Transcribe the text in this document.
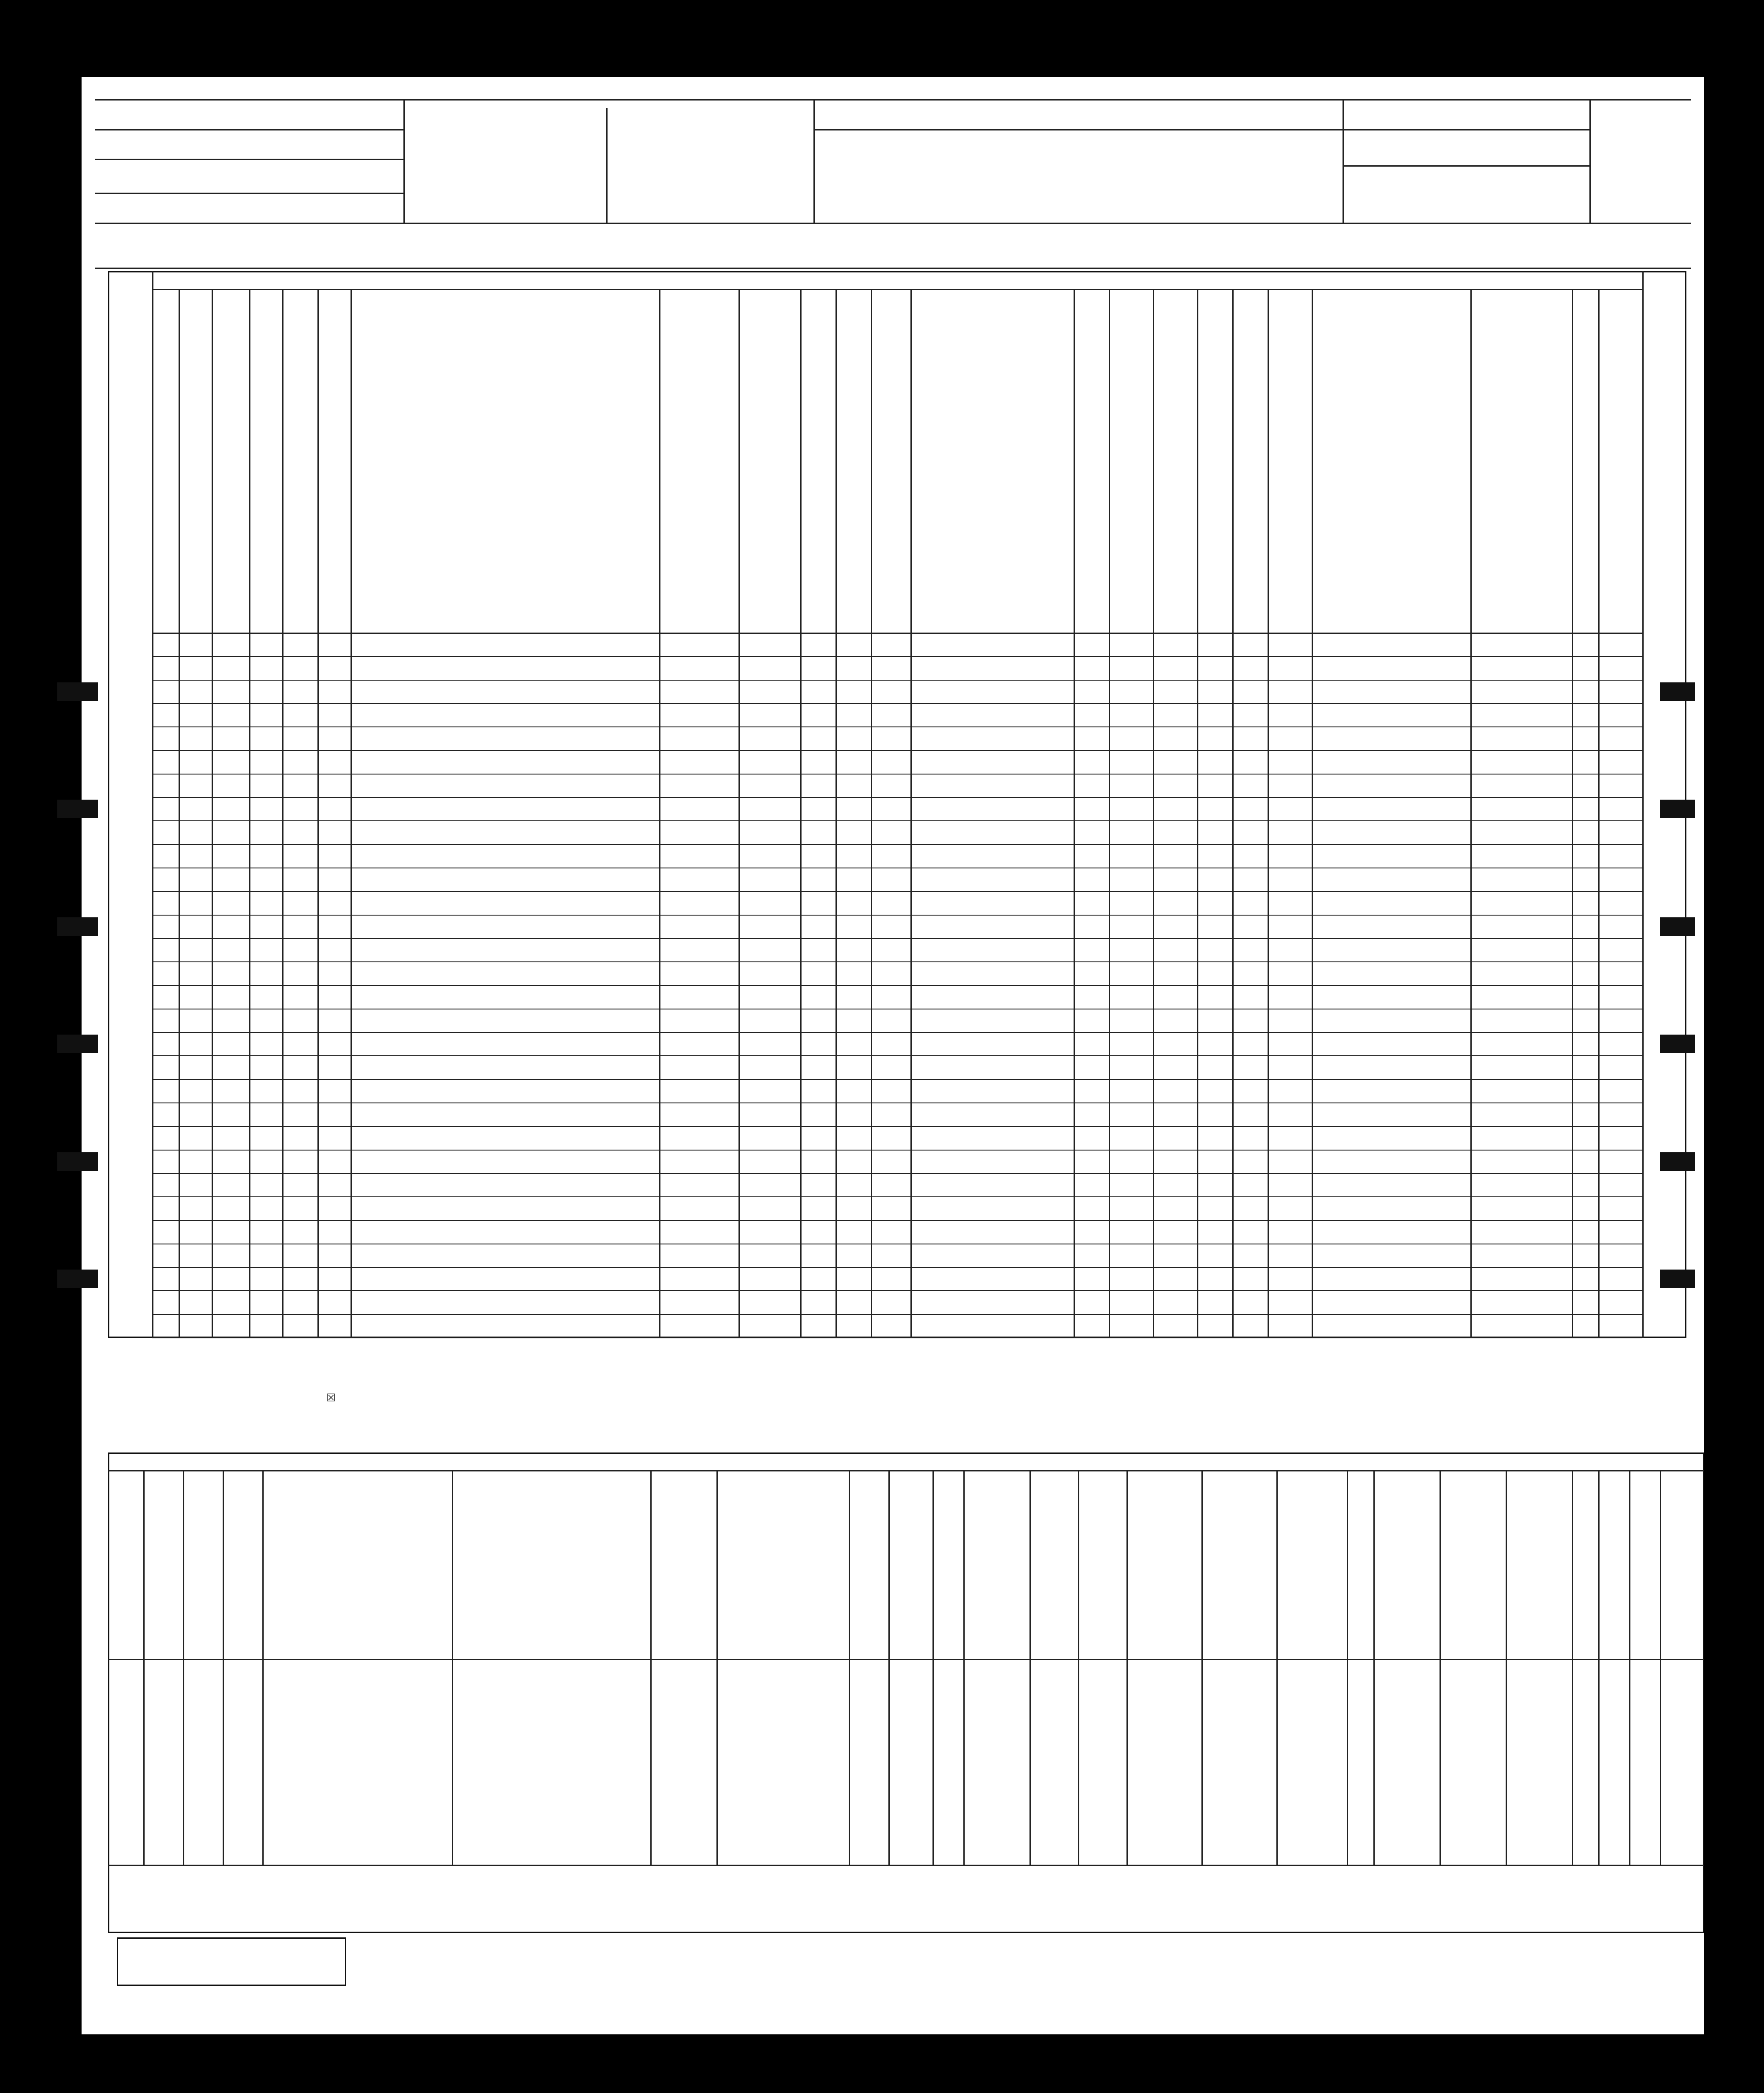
☒
